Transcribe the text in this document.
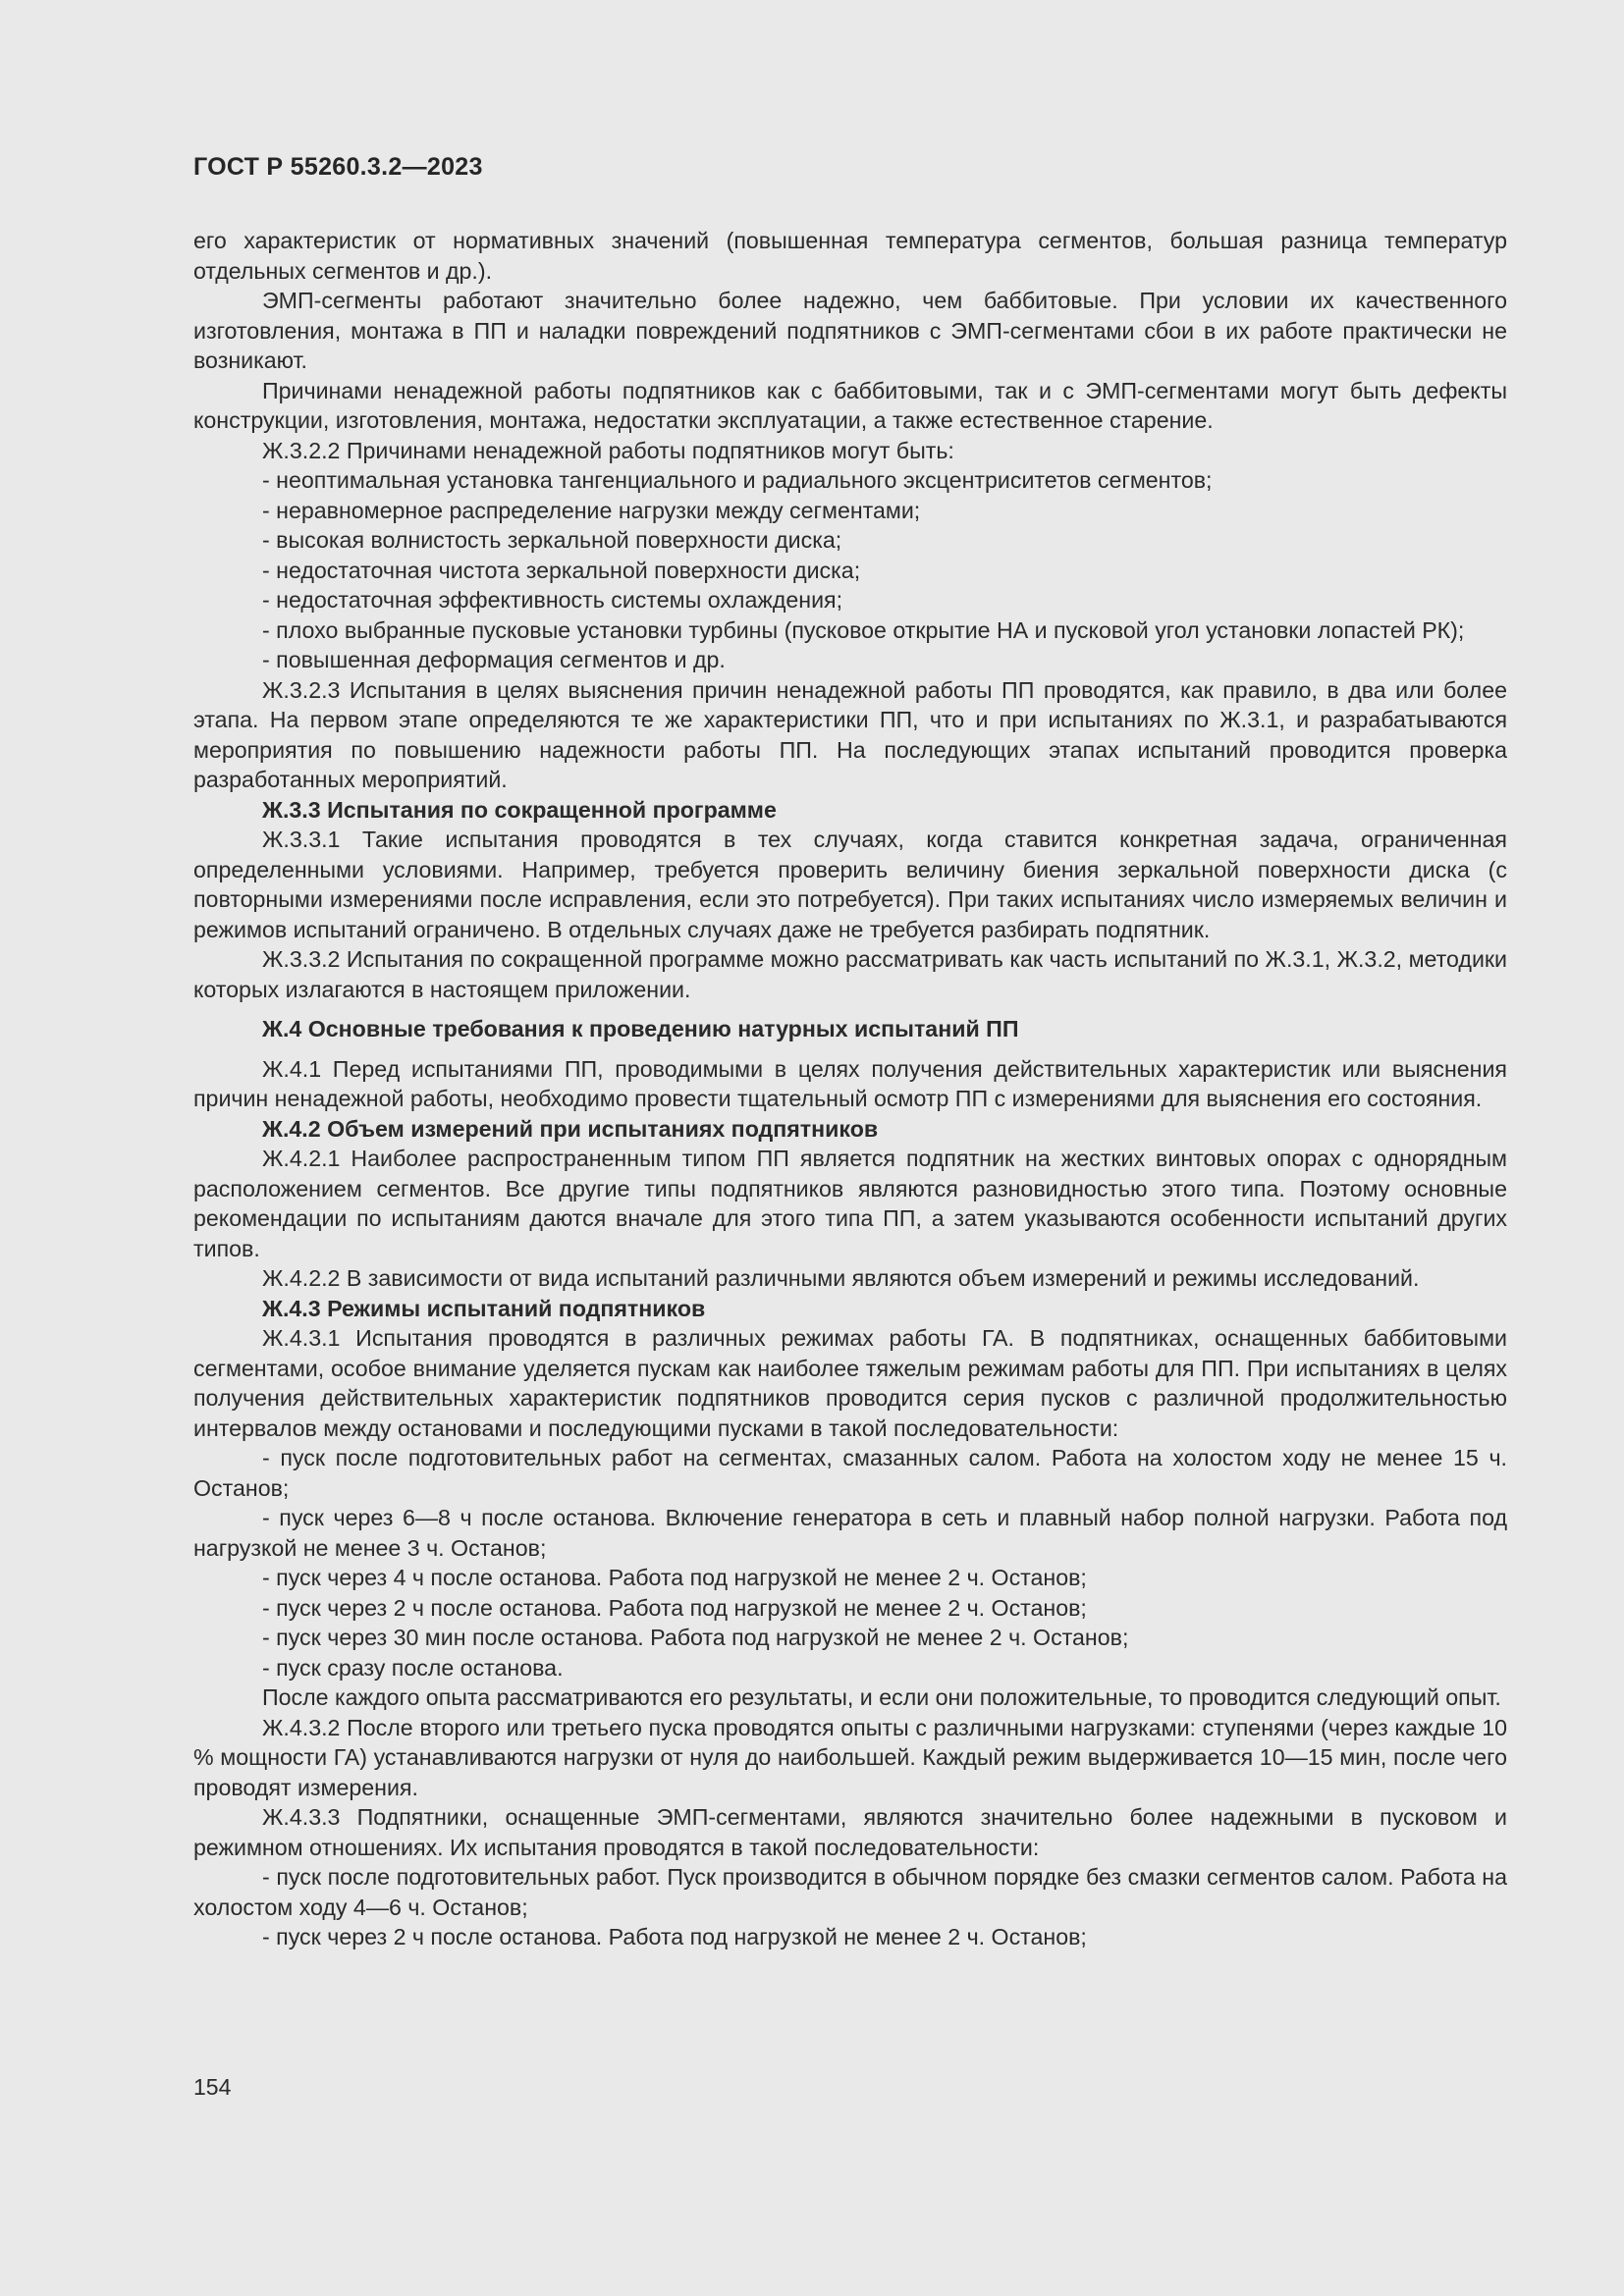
ГОСТ Р 55260.3.2—2023

его характеристик от нормативных значений (повышенная температура сегментов, большая разница температур отдельных сегментов и др.).

ЭМП-сегменты работают значительно более надежно, чем баббитовые. При условии их качественного изготовления, монтажа в ПП и наладки повреждений подпятников с ЭМП-сегментами сбои в их работе практически не возникают.

Причинами ненадежной работы подпятников как с баббитовыми, так и с ЭМП-сегментами могут быть дефекты конструкции, изготовления, монтажа, недостатки эксплуатации, а также естественное старение.

Ж.3.2.2 Причинами ненадежной работы подпятников могут быть:

- неоптимальная установка тангенциального и радиального эксцентриситетов сегментов;

- неравномерное распределение нагрузки между сегментами;

- высокая волнистость зеркальной поверхности диска;

- недостаточная чистота зеркальной поверхности диска;

- недостаточная эффективность системы охлаждения;

- плохо выбранные пусковые установки турбины (пусковое открытие НА и пусковой угол установки лопастей РК);

- повышенная деформация сегментов и др.

Ж.3.2.3 Испытания в целях выяснения причин ненадежной работы ПП проводятся, как правило, в два или более этапа. На первом этапе определяются те же характеристики ПП, что и при испытаниях по Ж.3.1, и разрабатываются мероприятия по повышению надежности работы ПП. На последующих этапах испытаний проводится проверка разработанных мероприятий.

Ж.3.3 Испытания по сокращенной программе

Ж.3.3.1 Такие испытания проводятся в тех случаях, когда ставится конкретная задача, ограниченная определенными условиями. Например, требуется проверить величину биения зеркальной поверхности диска (с повторными измерениями после исправления, если это потребуется). При таких испытаниях число измеряемых величин и режимов испытаний ограничено. В отдельных случаях даже не требуется разбирать подпятник.

Ж.3.3.2 Испытания по сокращенной программе можно рассматривать как часть испытаний по Ж.3.1, Ж.3.2, методики которых излагаются в настоящем приложении.

Ж.4 Основные требования к проведению натурных испытаний ПП

Ж.4.1 Перед испытаниями ПП, проводимыми в целях получения действительных характеристик или выяснения причин ненадежной работы, необходимо провести тщательный осмотр ПП с измерениями для выяснения его состояния.

Ж.4.2 Объем измерений при испытаниях подпятников

Ж.4.2.1 Наиболее распространенным типом ПП является подпятник на жестких винтовых опорах с однорядным расположением сегментов. Все другие типы подпятников являются разновидностью этого типа. Поэтому основные рекомендации по испытаниям даются вначале для этого типа ПП, а затем указываются особенности испытаний других типов.

Ж.4.2.2 В зависимости от вида испытаний различными являются объем измерений и режимы исследований.

Ж.4.3 Режимы испытаний подпятников

Ж.4.3.1 Испытания проводятся в различных режимах работы ГА. В подпятниках, оснащенных баббитовыми сегментами, особое внимание уделяется пускам как наиболее тяжелым режимам работы для ПП. При испытаниях в целях получения действительных характеристик подпятников проводится серия пусков с различной продолжительностью интервалов между остановами и последующими пусками в такой последовательности:

- пуск после подготовительных работ на сегментах, смазанных салом. Работа на холостом ходу не менее 15 ч. Останов;

- пуск через 6—8 ч после останова. Включение генератора в сеть и плавный набор полной нагрузки. Работа под нагрузкой не менее 3 ч. Останов;

- пуск через 4 ч после останова. Работа под нагрузкой не менее 2 ч. Останов;

- пуск через 2 ч после останова. Работа под нагрузкой не менее 2 ч. Останов;

- пуск через 30 мин после останова. Работа под нагрузкой не менее 2 ч. Останов;

- пуск сразу после останова.

После каждого опыта рассматриваются его результаты, и если они положительные, то проводится следующий опыт.

Ж.4.3.2 После второго или третьего пуска проводятся опыты с различными нагрузками: ступенями (через каждые 10 % мощности ГА) устанавливаются нагрузки от нуля до наибольшей. Каждый режим выдерживается 10—15 мин, после чего проводят измерения.

Ж.4.3.3 Подпятники, оснащенные ЭМП-сегментами, являются значительно более надежными в пусковом и режимном отношениях. Их испытания проводятся в такой последовательности:

- пуск после подготовительных работ. Пуск производится в обычном порядке без смазки сегментов салом. Работа на холостом ходу 4—6 ч. Останов;

- пуск через 2 ч после останова. Работа под нагрузкой не менее 2 ч. Останов;

154
